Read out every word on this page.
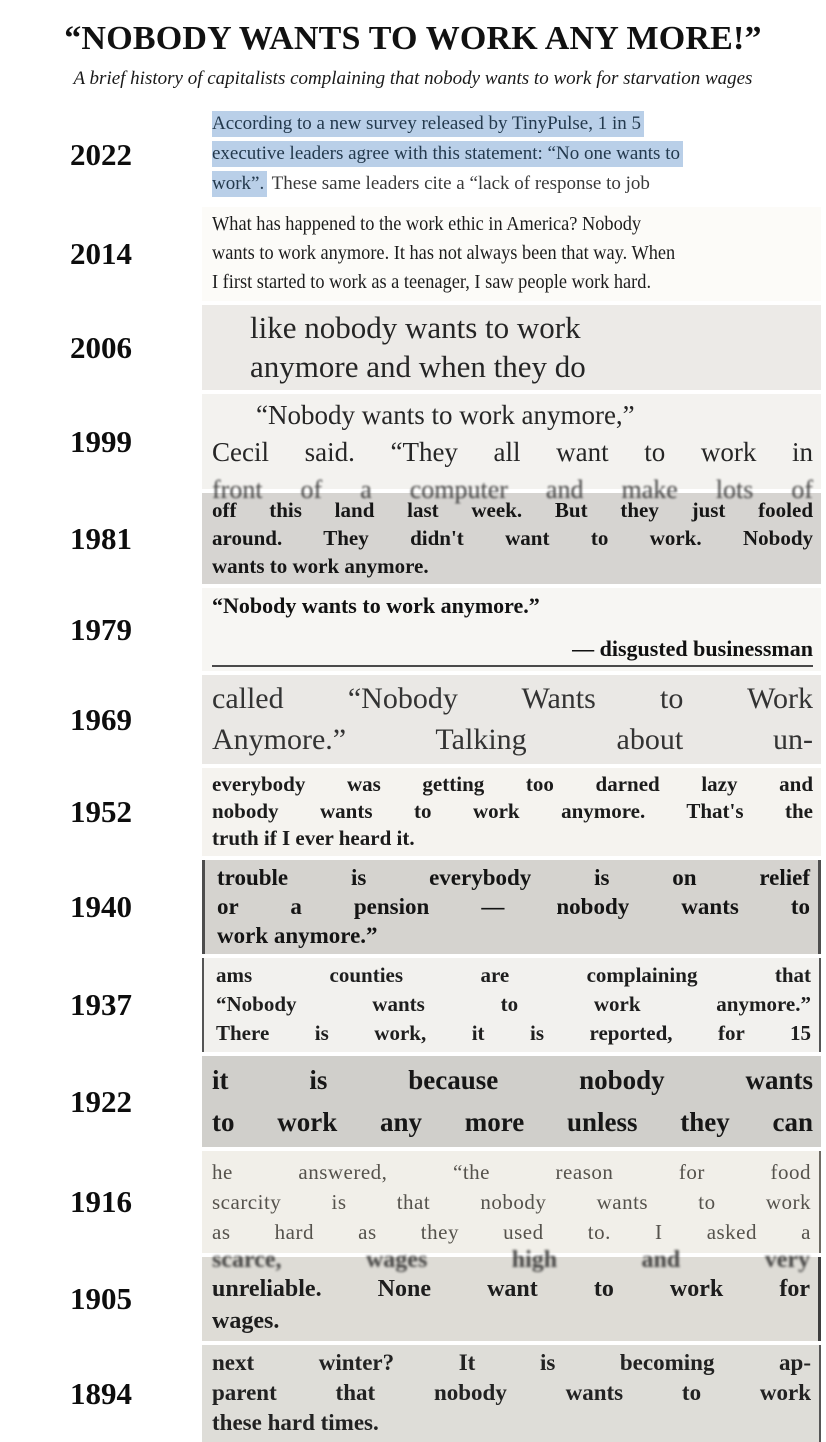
“NOBODY WANTS TO WORK ANY MORE!”
A brief history of capitalists complaining that nobody wants to work for starvation wages
2022
According to a new survey released by TinyPulse, 1 in 5
executive leaders agree with this statement: “No one wants to
work”. These same leaders cite a “lack of response to job
2014
What has happened to the work ethic in America? Nobody
wants to work anymore. It has not always been that way. When
I first started to work as a teenager, I saw people work hard.
2006
like nobody wants to work
anymore and when they do
1999
“Nobody wants to work anymore,”
Cecil said. “They all want to work in
front of a computer and make lots of
1981
off this land last week. But they just fooled
around. They didn't want to work. Nobody
wants to work anymore.
1979
“Nobody wants to work anymore.”
— disgusted businessman
1969
called “Nobody Wants to Work
Anymore.” Talking about un-
1952
everybody was getting too darned lazy and
nobody wants to work anymore. That's the
truth if I ever heard it.
1940
trouble is everybody is on relief
or a pension — nobody wants to
work anymore.”
1937
ams counties are complaining that
“Nobody wants to work anymore.”
There is work, it is reported, for 15
1922
it is because nobody wants
to work any more unless they can
1916
he answered, “the reason for food
scarcity is that nobody wants to work
as hard as they used to. I asked a
1905
scarce, wages high and very
unreliable. None want to work for
wages.
1894
next winter? It is becoming ap-
parent that nobody wants to work
these hard times.
